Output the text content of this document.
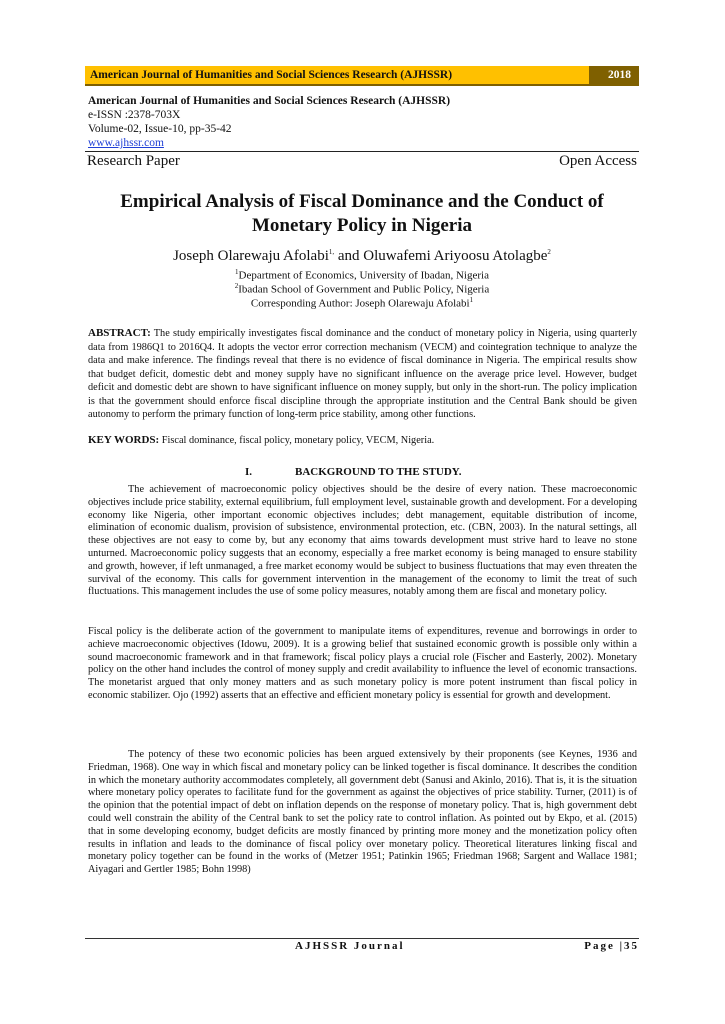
American Journal of Humanities and Social Sciences Research (AJHSSR)	2018
American Journal of Humanities and Social Sciences Research (AJHSSR)
e-ISSN :2378-703X
Volume-02, Issue-10, pp-35-42
www.ajhssr.com
Research Paper	Open Access
Empirical Analysis of Fiscal Dominance and the Conduct of
Monetary Policy in Nigeria
Joseph Olarewaju Afolabi$^{1,}$ and Oluwafemi Ariyoosu Atolagbe$^2$
$^1$Department of Economics, University of Ibadan, Nigeria
$^2$Ibadan School of Government and Public Policy, Nigeria
Corresponding Author: Joseph Olarewaju Afolabi$^1$
ABSTRACT: The study empirically investigates fiscal dominance and the conduct of monetary policy in Nigeria, using quarterly data from 1986Q1 to 2016Q4. It adopts the vector error correction mechanism (VECM) and cointegration technique to analyze the data and make inference. The findings reveal that there is no evidence of fiscal dominance in Nigeria. The empirical results show that budget deficit, domestic debt and money supply have no significant influence on the average price level. However, budget deficit and domestic debt are shown to have significant influence on money supply, but only in the short-run. The policy implication is that the government should enforce fiscal discipline through the appropriate institution and the Central Bank should be given autonomy to perform the primary function of long-term price stability, among other functions.
KEY WORDS: Fiscal dominance, fiscal policy, monetary policy, VECM, Nigeria.
I.	BACKGROUND TO THE STUDY.
The achievement of macroeconomic policy objectives should be the desire of every nation. These macroeconomic objectives include price stability, external equilibrium, full employment level, sustainable growth and development. For a developing economy like Nigeria, other important economic objectives includes; debt management, equitable distribution of income, elimination of economic dualism, provision of subsistence, environmental protection, etc. (CBN, 2003). In the natural settings, all these objectives are not easy to come by, but any economy that aims towards development must strive hard to leave no stone unturned. Macroeconomic policy suggests that an economy, especially a free market economy is being managed to ensure stability and growth, however, if left unmanaged, a free market economy would be subject to business fluctuations that may even threaten the survival of the economy. This calls for government intervention in the management of the economy to limit the treat of such fluctuations. This management includes the use of some policy measures, notably among them are fiscal and monetary policy.
Fiscal policy is the deliberate action of the government to manipulate items of expenditures, revenue and borrowings in order to achieve macroeconomic objectives (Idowu, 2009). It is a growing belief that sustained economic growth is possible only within a sound macroeconomic framework and in that framework; fiscal policy plays a crucial role (Fischer and Easterly, 2002). Monetary policy on the other hand includes the control of money supply and credit availability to influence the level of economic transactions. The monetarist argued that only money matters and as such monetary policy is more potent instrument than fiscal policy in economic stabilizer. Ojo (1992) asserts that an effective and efficient monetary policy is essential for growth and development.
The potency of these two economic policies has been argued extensively by their proponents (see Keynes, 1936 and Friedman, 1968). One way in which fiscal and monetary policy can be linked together is fiscal dominance. It describes the condition in which the monetary authority accommodates completely, all government debt (Sanusi and Akinlo, 2016). That is, it is the situation where monetary policy operates to facilitate fund for the government as against the objectives of price stability. Turner, (2011) is of the opinion that the potential impact of debt on inflation depends on the response of monetary policy. That is, high government debt could well constrain the ability of the Central bank to set the policy rate to control inflation. As pointed out by Ekpo, et al. (2015) that in some developing economy, budget deficits are mostly financed by printing more money and the monetization policy often results in inflation and leads to the dominance of fiscal policy over monetary policy. Theoretical literatures linking fiscal and monetary policy together can be found in the works of (Metzer 1951; Patinkin 1965; Friedman 1968; Sargent and Wallace 1981; Aiyagari and Gertler 1985; Bohn 1998)
AJHSSR Journal	Page |35
